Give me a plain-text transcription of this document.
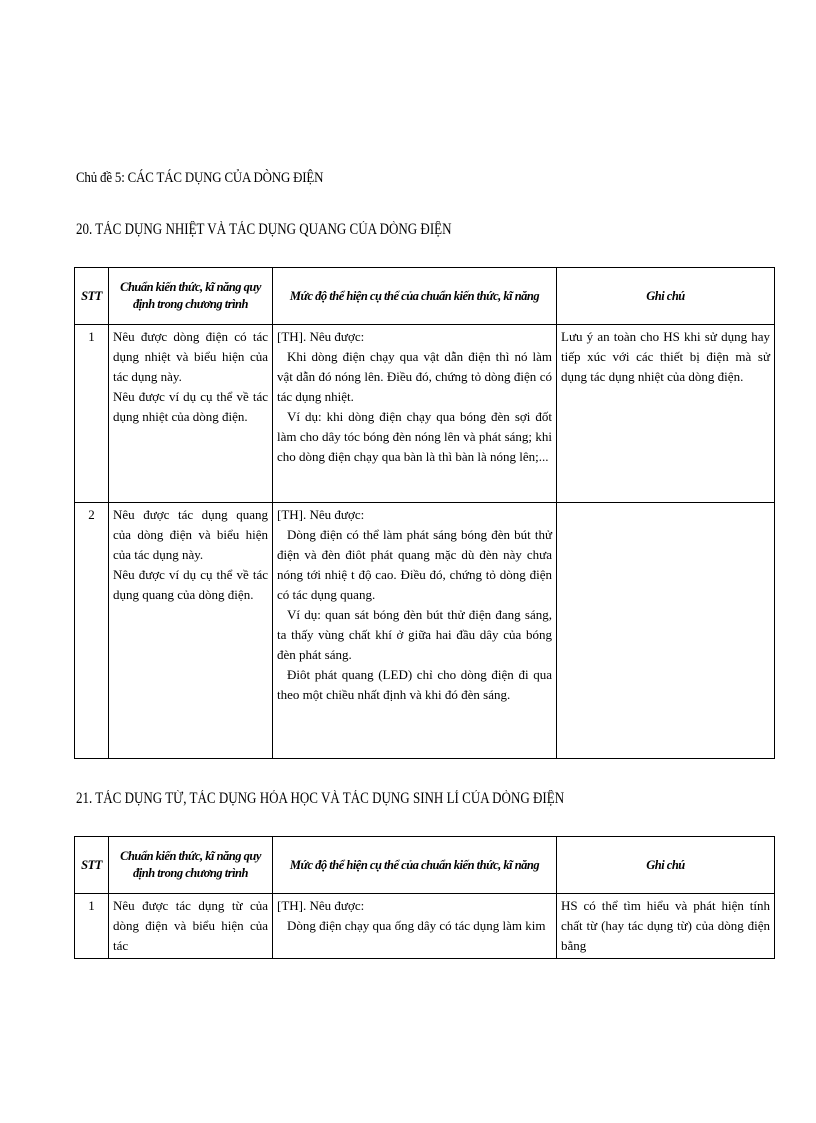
Chủ đề 5: CÁC TÁC DỤNG CỦA DÒNG ĐIỆN
20. TÁC DỤNG NHIỆT VÀ TÁC DỤNG QUANG CỦA DÒNG ĐIỆN
STT	Chuẩn kiến thức, kĩ năng quy định trong chương trình	Mức độ thể hiện cụ thể của chuẩn kiến thức, kĩ năng	Ghi chú
1	Nêu được dòng điện có tác dụng nhiệt và biểu hiện của tác dụng này.
Nêu được ví dụ cụ thể về tác dụng nhiệt của dòng điện.	[TH]. Nêu được:
Khi dòng điện chạy qua vật dẫn điện thì nó làm vật dẫn đó nóng lên. Điều đó, chứng tỏ dòng điện có tác dụng nhiệt.
Ví dụ: khi dòng điện chạy qua bóng đèn sợi đốt làm cho dây tóc bóng đèn nóng lên và phát sáng; khi cho dòng điện chạy qua bàn là thì bàn là nóng lên;...	Lưu ý an toàn cho HS khi sử dụng hay tiếp xúc với các thiết bị điện mà sử dụng tác dụng nhiệt của dòng điện.
2	Nêu được tác dụng quang của dòng điện và biểu hiện của tác dụng này.
Nêu được ví dụ cụ thể về tác dụng quang của dòng điện.	[TH]. Nêu được:
Dòng điện có thể làm phát sáng bóng đèn bút thử điện và đèn điôt phát quang mặc dù đèn này chưa nóng tới nhiệ t độ cao. Điều đó, chứng tỏ dòng điện có tác dụng quang.
Ví dụ: quan sát bóng đèn bút thử điện đang sáng, ta thấy vùng chất khí ở giữa hai đầu dây của bóng đèn phát sáng.
Điôt phát quang (LED) chỉ cho dòng điện đi qua theo một chiều nhất định và khi đó đèn sáng.	

21. TÁC DỤNG TỪ, TÁC DỤNG HÓA HỌC VÀ TÁC DỤNG SINH LÍ CỦA DÒNG ĐIỆN
STT	Chuẩn kiến thức, kĩ năng quy định trong chương trình	Mức độ thể hiện cụ thể của chuẩn kiến thức, kĩ năng	Ghi chú
1	Nêu được tác dụng từ của dòng điện và biểu hiện của tác	[TH]. Nêu được:
Dòng điện chạy qua ống dây có tác dụng làm kim	HS có thể tìm hiểu và phát hiện tính chất từ (hay tác dụng từ) của dòng điện bằng
